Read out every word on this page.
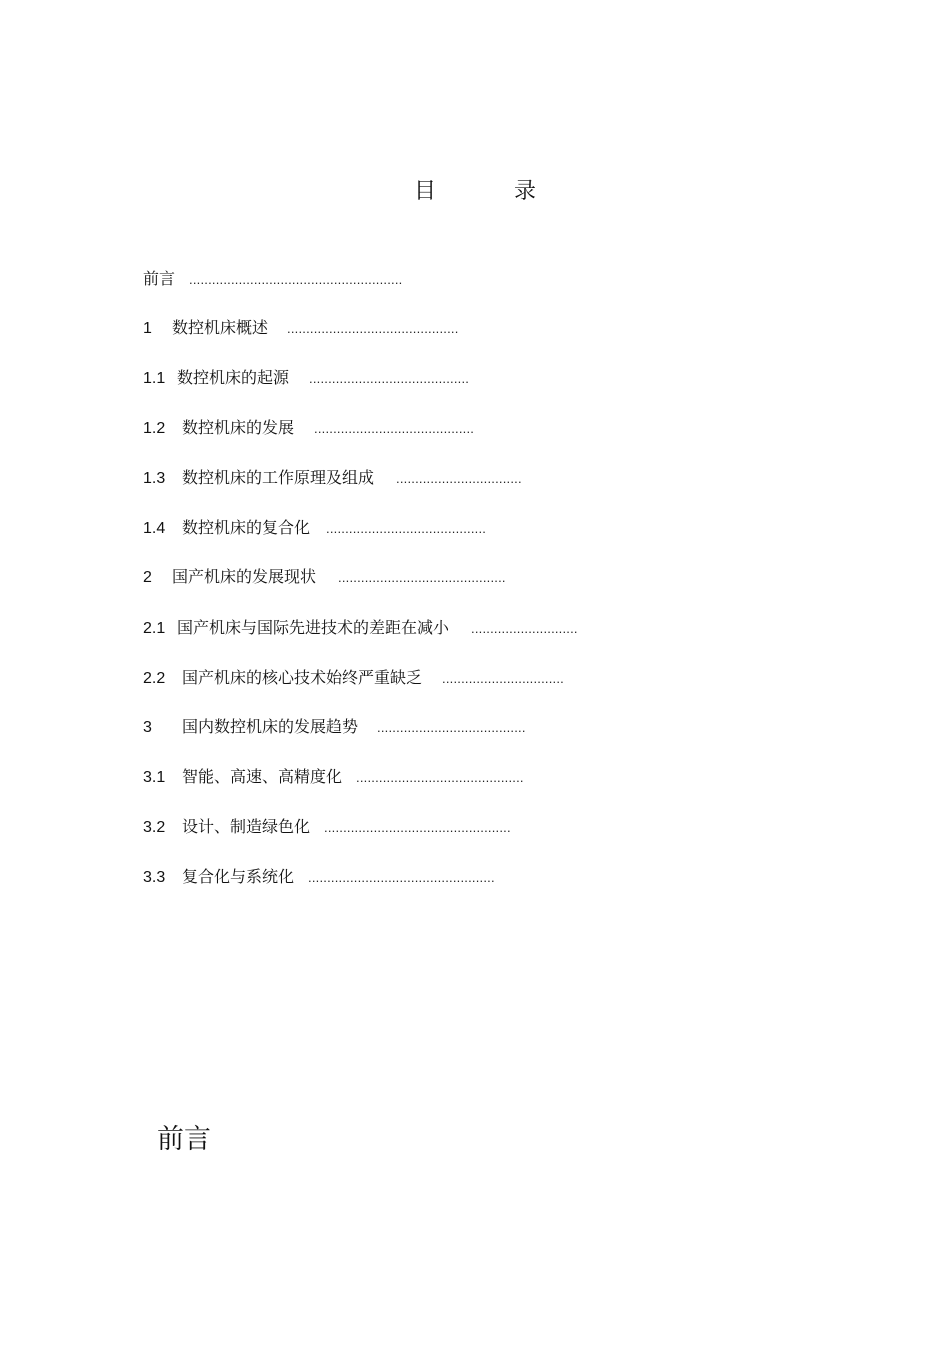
目	录
前言 ........................................................
1 数控机床概述 .............................................
1.1 数控机床的起源 ..........................................
1.2 数控机床的发展 ..........................................
1.3 数控机床的工作原理及组成 .................................
1.4 数控机床的复合化 ..........................................
2 国产机床的发展现状 ............................................
2.1 国产机床与国际先进技术的差距在减小 ............................
2.2 国产机床的核心技术始终严重缺乏 ................................
3 国内数控机床的发展趋势 .......................................
3.1 智能、高速、高精度化 ............................................
3.2 设计、制造绿色化 .................................................
3.3 复合化与系统化 .................................................
前言
